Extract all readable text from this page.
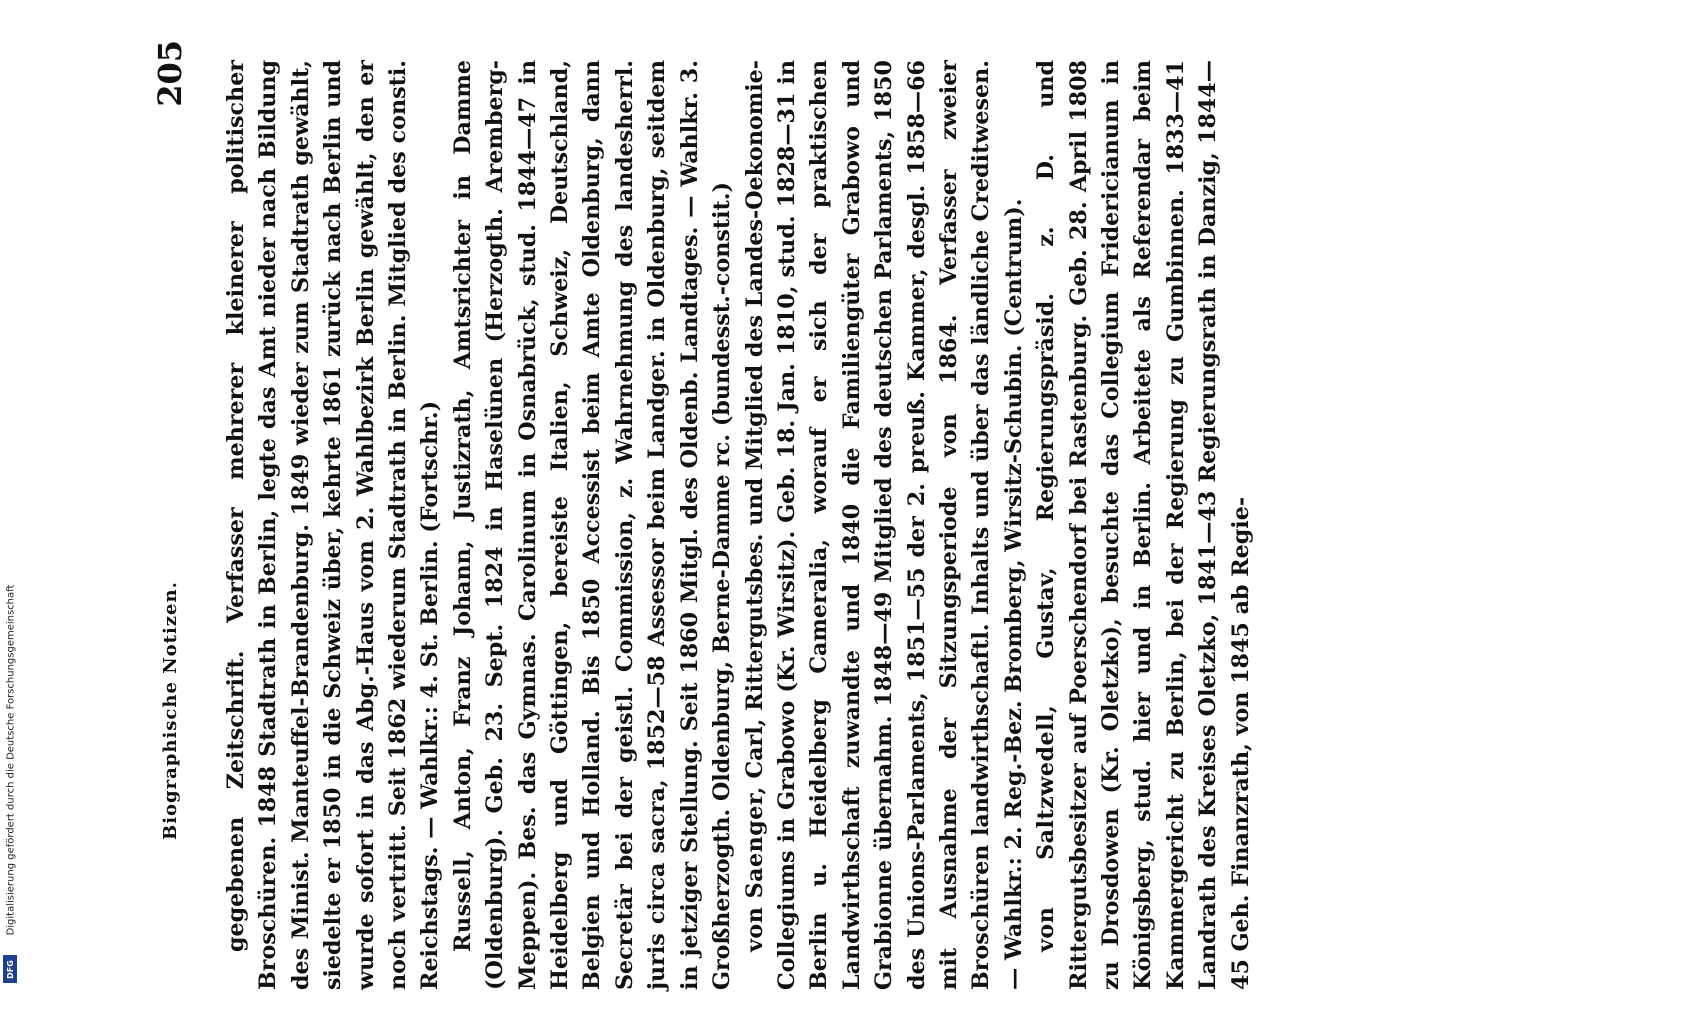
Biographische Notizen.
205 gegebenen Zeitschrift. Verfasser mehrerer kleinerer politischer Broschüren. 1848 Stadtrath in Berlin, legte das Amt nieder nach Bildung des Minist. Manteuffel-Brandenburg. 1849 wieder zum Stadtrath gewählt, siedelte er 1850 in die Schweiz über, kehrte 1861 zurück nach Berlin und wurde sofort in das Abg.-Haus vom 2. Wahlbezirk Berlin gewählt, den er noch vertritt. Seit 1862 wiederum Stadtrath in Berlin. Mitglied des consti. Reichstags. — Wahlkr.: 4. St. Berlin. (Fortschr.) Russell, Anton, Franz Johann, Justizrath, Amtsrichter in Damme (Oldenburg). Geb. 23. Sept. 1824 in Haselünen (Herzogth. Aremberg-Meppen). Bes. das Gymnas. Carolinum in Osnabrück, stud. 1844—47 in Heidelberg und Göttingen, bereiste Italien, Schweiz, Deutschland, Belgien und Holland. Bis 1850 Accessist beim Amte Oldenburg, dann Secretär bei der geistl. Commission, z. Wahrnehmung des landesherrl. juris circa sacra, 1852—58 Assessor beim Landger. in Oldenburg, seitdem in jetziger Stellung. Seit 1860 Mitgl. des Oldenb. Landtages. — Wahlkr. 3. Großherzogth. Oldenburg, Berne-Damme rc. (bundesst.-constit.) von Saenger, Carl, Rittergutsbes. und Mitglied des Landes-Oekonomie-Collegiums in Grabowo (Kr. Wirsitz). Geb. 18. Jan. 1810, stud. 1828—31 in Berlin u. Heidelberg Cameralia, worauf er sich der praktischen Landwirthschaft zuwandte und 1840 die Familiengüter Grabowo und Grabionne übernahm. 1848—49 Mitglied des deutschen Parlaments, 1850 des Unions-Parlaments, 1851—55 der 2. preuß. Kammer, desgl. 1858—66 mit Ausnahme der Sitzungsperiode von 1864. Verfasser zweier Broschüren landwirthschaftl. Inhalts und über das ländliche Creditwesen. — Wahlkr.: 2. Reg.-Bez. Bromberg, Wirsitz-Schubin. (Centrum). von Saltzwedell, Gustav, Regierungspräsid. z. D. und Rittergutsbesitzer auf Poerschendorf bei Rastenburg. Geb. 28. April 1808 zu Drosdowen (Kr. Oletzko), besuchte das Collegium Fridericianum in Königsberg, stud. hier und in Berlin. Arbeitete als Referendar beim Kammergericht zu Berlin, bei der Regierung zu Gumbinnen. 1833—41 Landrath des Kreises Oletzko, 1841—43 Regierungsrath in Danzig, 1844—45 Geh. Finanzrath, von 1845 ab Regie-

Digitalisierung gefördert durch die Deutsche Forschungsgemeinschaft
DFG
